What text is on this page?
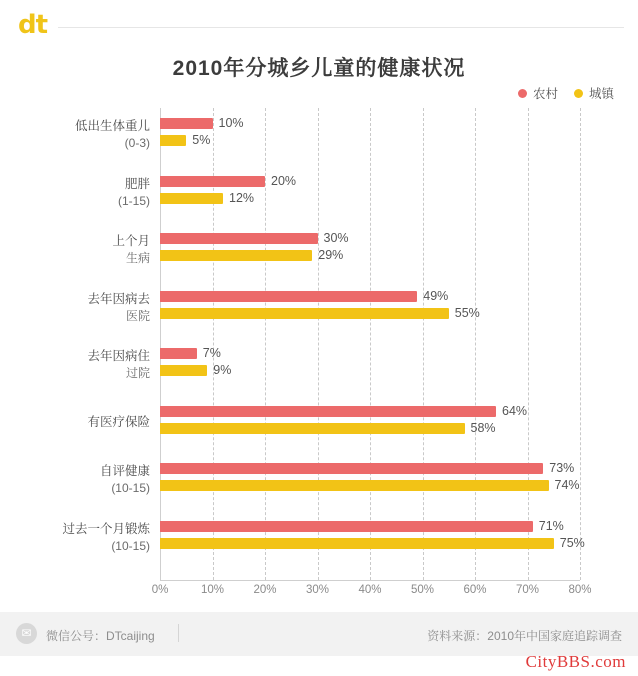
dt
2010年分城乡儿童的健康状况
农村 城镇
0%	10%	20%	30%	40%	50%	60%	70%	80%
低出生体重儿
(0-3)
10%
5%
肥胖
(1-15)
20%
12%
上个月
生病
30%
29%
去年因病去
医院
49%
55%
去年因病住
过院
7%
9%
有医疗保险
64%
58%
自评健康
(10-15)
73%
74%
过去一个月锻炼
(10-15)
71%
75%
✉	微信公号：DTcaijing	资料来源：2010年中国家庭追踪调查
CityBBS.com
